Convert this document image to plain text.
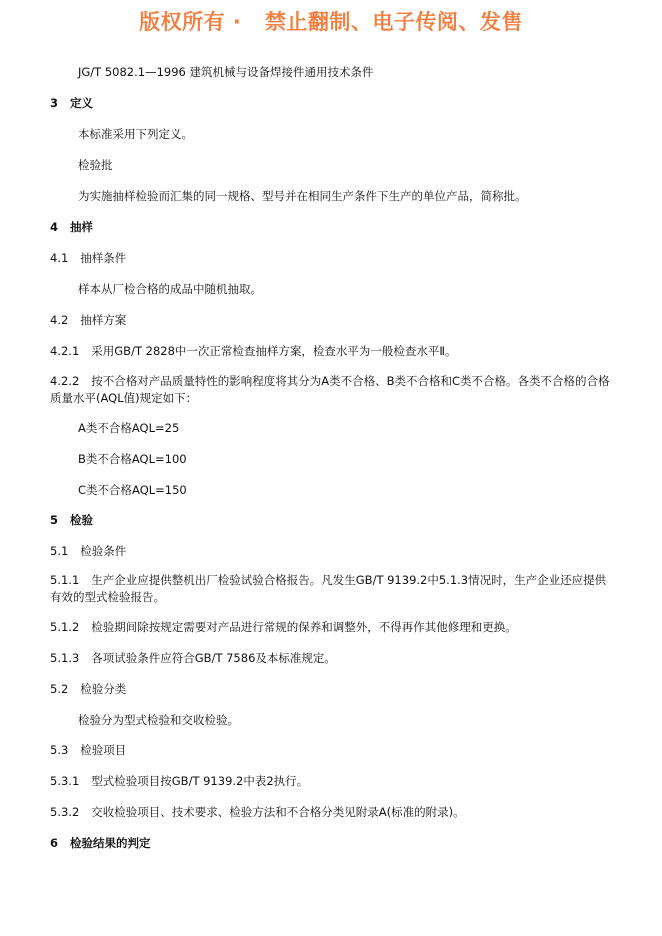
版权所有 ·   禁止翻制、电子传阅、发售
JG/T 5082.1—1996 建筑机械与设备焊接件通用技术条件
3 定义
本标准采用下列定义。
检验批
为实施抽样检验而汇集的同一规格、型号并在相同生产条件下生产的单位产品，简称批。
4 抽样
4.1 抽样条件
样本从厂检合格的成品中随机抽取。
4.2 抽样方案
4.2.1 采用GB/T 2828中一次正常检查抽样方案，检查水平为一般检查水平Ⅱ。
4.2.2 按不合格对产品质量特性的影响程度将其分为A类不合格、B类不合格和C类不合格。各类不合格的合格质量水平(AQL值)规定如下：
A类不合格AQL=25
B类不合格AQL=100
C类不合格AQL=150
5 检验
5.1 检验条件
5.1.1 生产企业应提供整机出厂检验试验合格报告。凡发生GB/T 9139.2中5.1.3情况时，生产企业还应提供有效的型式检验报告。
5.1.2 检验期间除按规定需要对产品进行常规的保养和调整外，不得再作其他修理和更换。
5.1.3 各项试验条件应符合GB/T 7586及本标准规定。
5.2 检验分类
检验分为型式检验和交收检验。
5.3 检验项目
5.3.1 型式检验项目按GB/T 9139.2中表2执行。
5.3.2 交收检验项目、技术要求、检验方法和不合格分类见附录A(标准的附录)。
6 检验结果的判定
